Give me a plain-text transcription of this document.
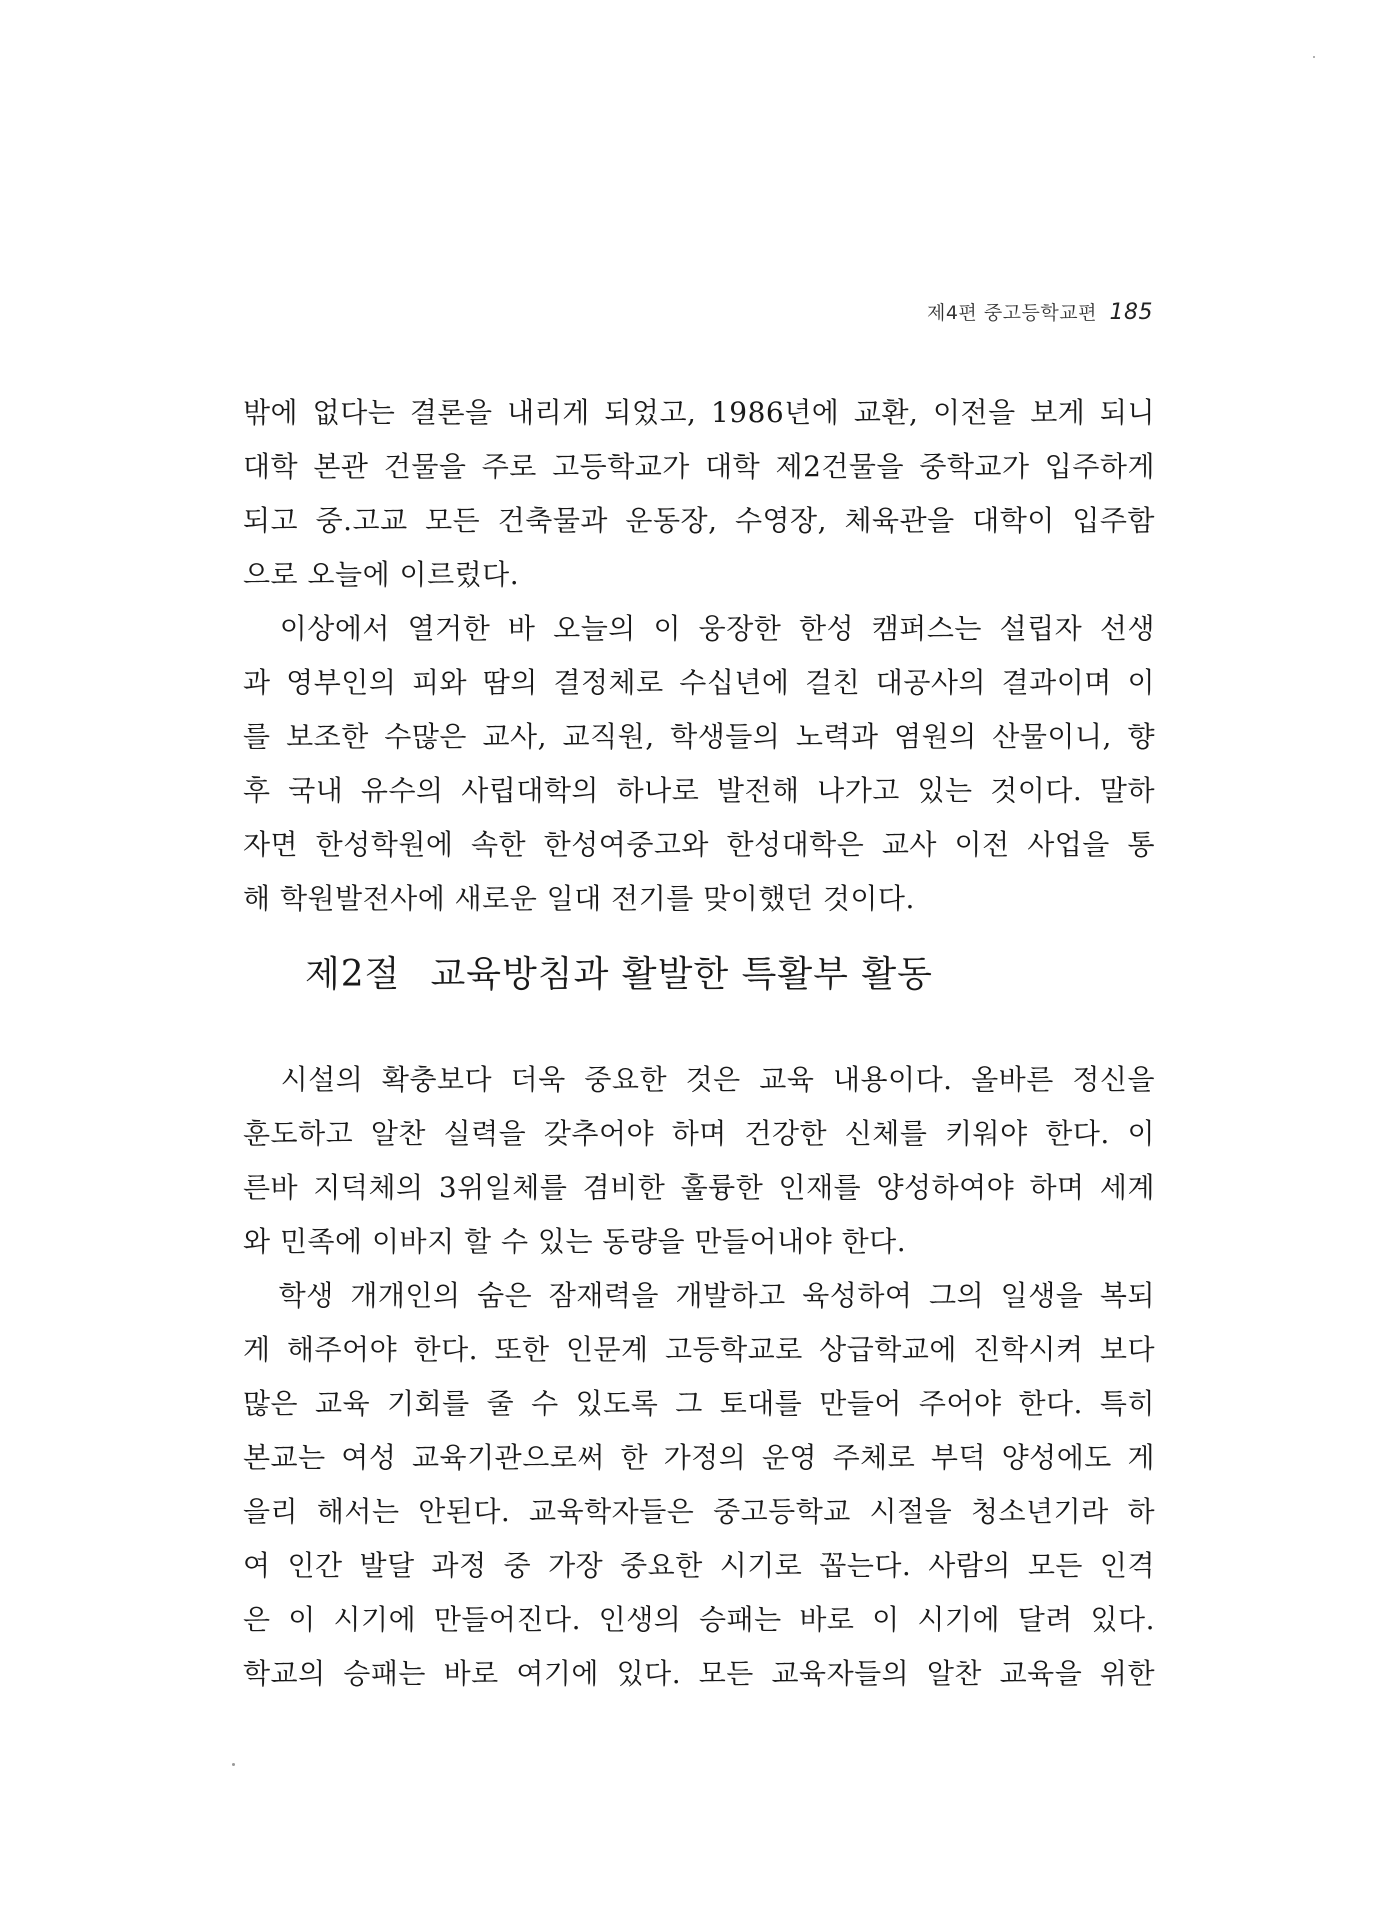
제4편 중고등학교편 185
밖에 없다는 결론을 내리게 되었고, 1986년에 교환, 이전을 보게 되니
대학 본관 건물을 주로 고등학교가 대학 제2건물을 중학교가 입주하게
되고 중.고교 모든 건축물과 운동장, 수영장, 체육관을 대학이 입주함
으로 오늘에 이르렀다.
　이상에서 열거한 바 오늘의 이 웅장한 한성 캠퍼스는 설립자 선생
과 영부인의 피와 땀의 결정체로 수십년에 걸친 대공사의 결과이며 이
를 보조한 수많은 교사, 교직원, 학생들의 노력과 염원의 산물이니, 향
후 국내 유수의 사립대학의 하나로 발전해 나가고 있는 것이다. 말하
자면 한성학원에 속한 한성여중고와 한성대학은 교사 이전 사업을 통
해 학원발전사에 새로운 일대 전기를 맞이했던 것이다.
제2절 교육방침과 활발한 특활부 활동
　시설의 확충보다 더욱 중요한 것은 교육 내용이다. 올바른 정신을
훈도하고 알찬 실력을 갖추어야 하며 건강한 신체를 키워야 한다. 이
른바 지덕체의 3위일체를 겸비한 훌륭한 인재를 양성하여야 하며 세계
와 민족에 이바지 할 수 있는 동량을 만들어내야 한다.
　학생 개개인의 숨은 잠재력을 개발하고 육성하여 그의 일생을 복되
게 해주어야 한다. 또한 인문계 고등학교로 상급학교에 진학시켜 보다
많은 교육 기회를 줄 수 있도록 그 토대를 만들어 주어야 한다. 특히
본교는 여성 교육기관으로써 한 가정의 운영 주체로 부덕 양성에도 게
을리 해서는 안된다. 교육학자들은 중고등학교 시절을 청소년기라 하
여 인간 발달 과정 중 가장 중요한 시기로 꼽는다. 사람의 모든 인격
은 이 시기에 만들어진다. 인생의 승패는 바로 이 시기에 달려 있다.
학교의 승패는 바로 여기에 있다. 모든 교육자들의 알찬 교육을 위한
